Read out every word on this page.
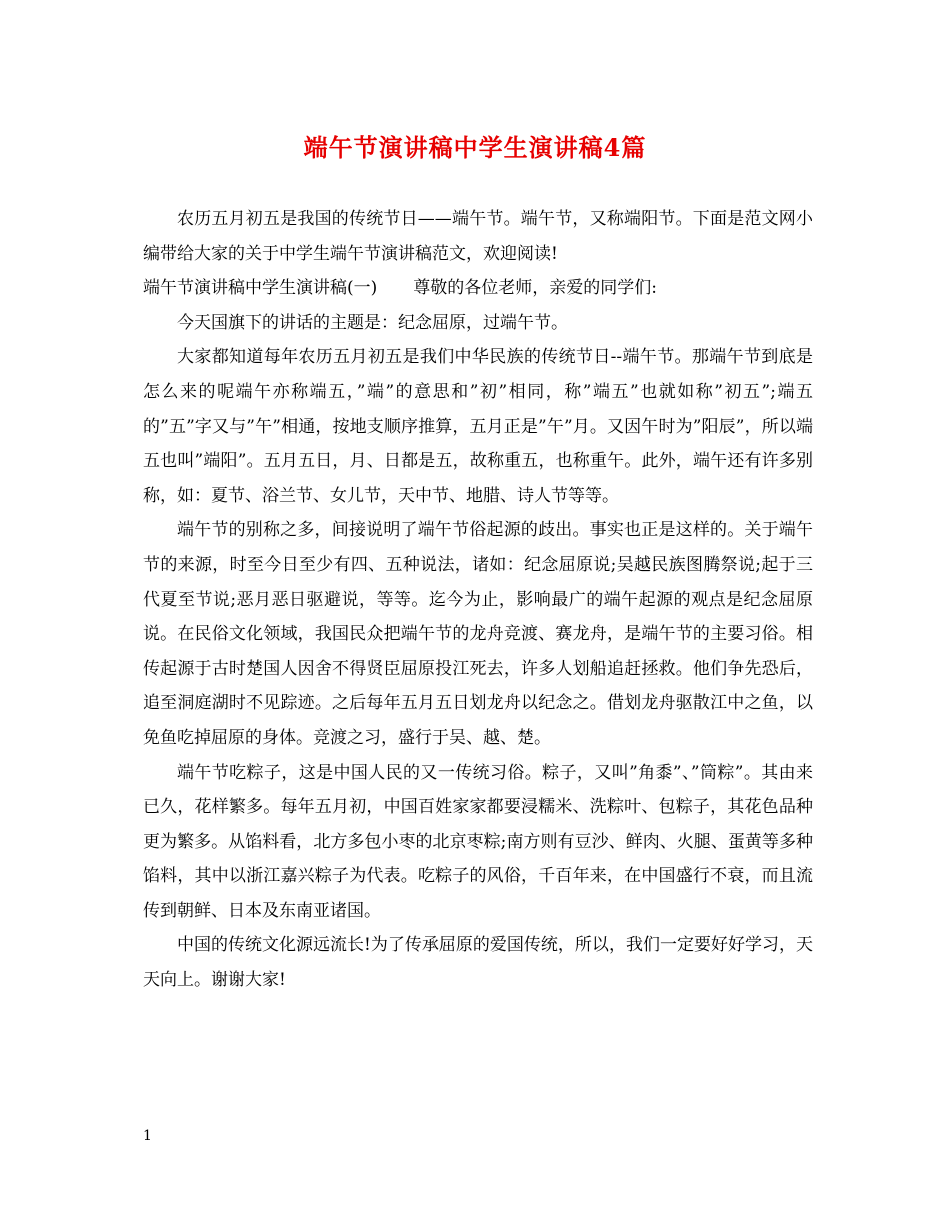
端午节演讲稿中学生演讲稿4篇

农历五月初五是我国的传统节日——端午节。端午节，又称端阳节。下面是范文网小编带给大家的关于中学生端午节演讲稿范文，欢迎阅读!

端午节演讲稿中学生演讲稿(一) 尊敬的各位老师，亲爱的同学们:

今天国旗下的讲话的主题是：纪念屈原，过端午节。

大家都知道每年农历五月初五是我们中华民族的传统节日--端午节。那端午节到底是怎么来的呢端午亦称端五，”端”的意思和”初”相同，称”端五”也就如称”初五”;端五的”五”字又与”午”相通，按地支顺序推算，五月正是”午”月。又因午时为”阳辰”，所以端五也叫”端阳”。五月五日，月、日都是五，故称重五，也称重午。此外，端午还有许多别称，如：夏节、浴兰节、女儿节，天中节、地腊、诗人节等等。

端午节的别称之多，间接说明了端午节俗起源的歧出。事实也正是这样的。关于端午节的来源，时至今日至少有四、五种说法，诸如：纪念屈原说;吴越民族图腾祭说;起于三代夏至节说;恶月恶日驱避说，等等。迄今为止，影响最广的端午起源的观点是纪念屈原说。在民俗文化领域，我国民众把端午节的龙舟竞渡、赛龙舟，是端午节的主要习俗。相传起源于古时楚国人因舍不得贤臣屈原投江死去，许多人划船追赶拯救。他们争先恐后，追至洞庭湖时不见踪迹。之后每年五月五日划龙舟以纪念之。借划龙舟驱散江中之鱼，以免鱼吃掉屈原的身体。竞渡之习，盛行于吴、越、楚。

端午节吃粽子，这是中国人民的又一传统习俗。粽子，又叫”角黍”、”筒粽”。其由来已久，花样繁多。每年五月初，中国百姓家家都要浸糯米、洗粽叶、包粽子，其花色品种更为繁多。从馅料看，北方多包小枣的北京枣粽;南方则有豆沙、鲜肉、火腿、蛋黄等多种馅料，其中以浙江嘉兴粽子为代表。吃粽子的风俗，千百年来，在中国盛行不衰，而且流传到朝鲜、日本及东南亚诸国。

中国的传统文化源远流长!为了传承屈原的爱国传统，所以，我们一定要好好学习，天天向上。谢谢大家!

1
